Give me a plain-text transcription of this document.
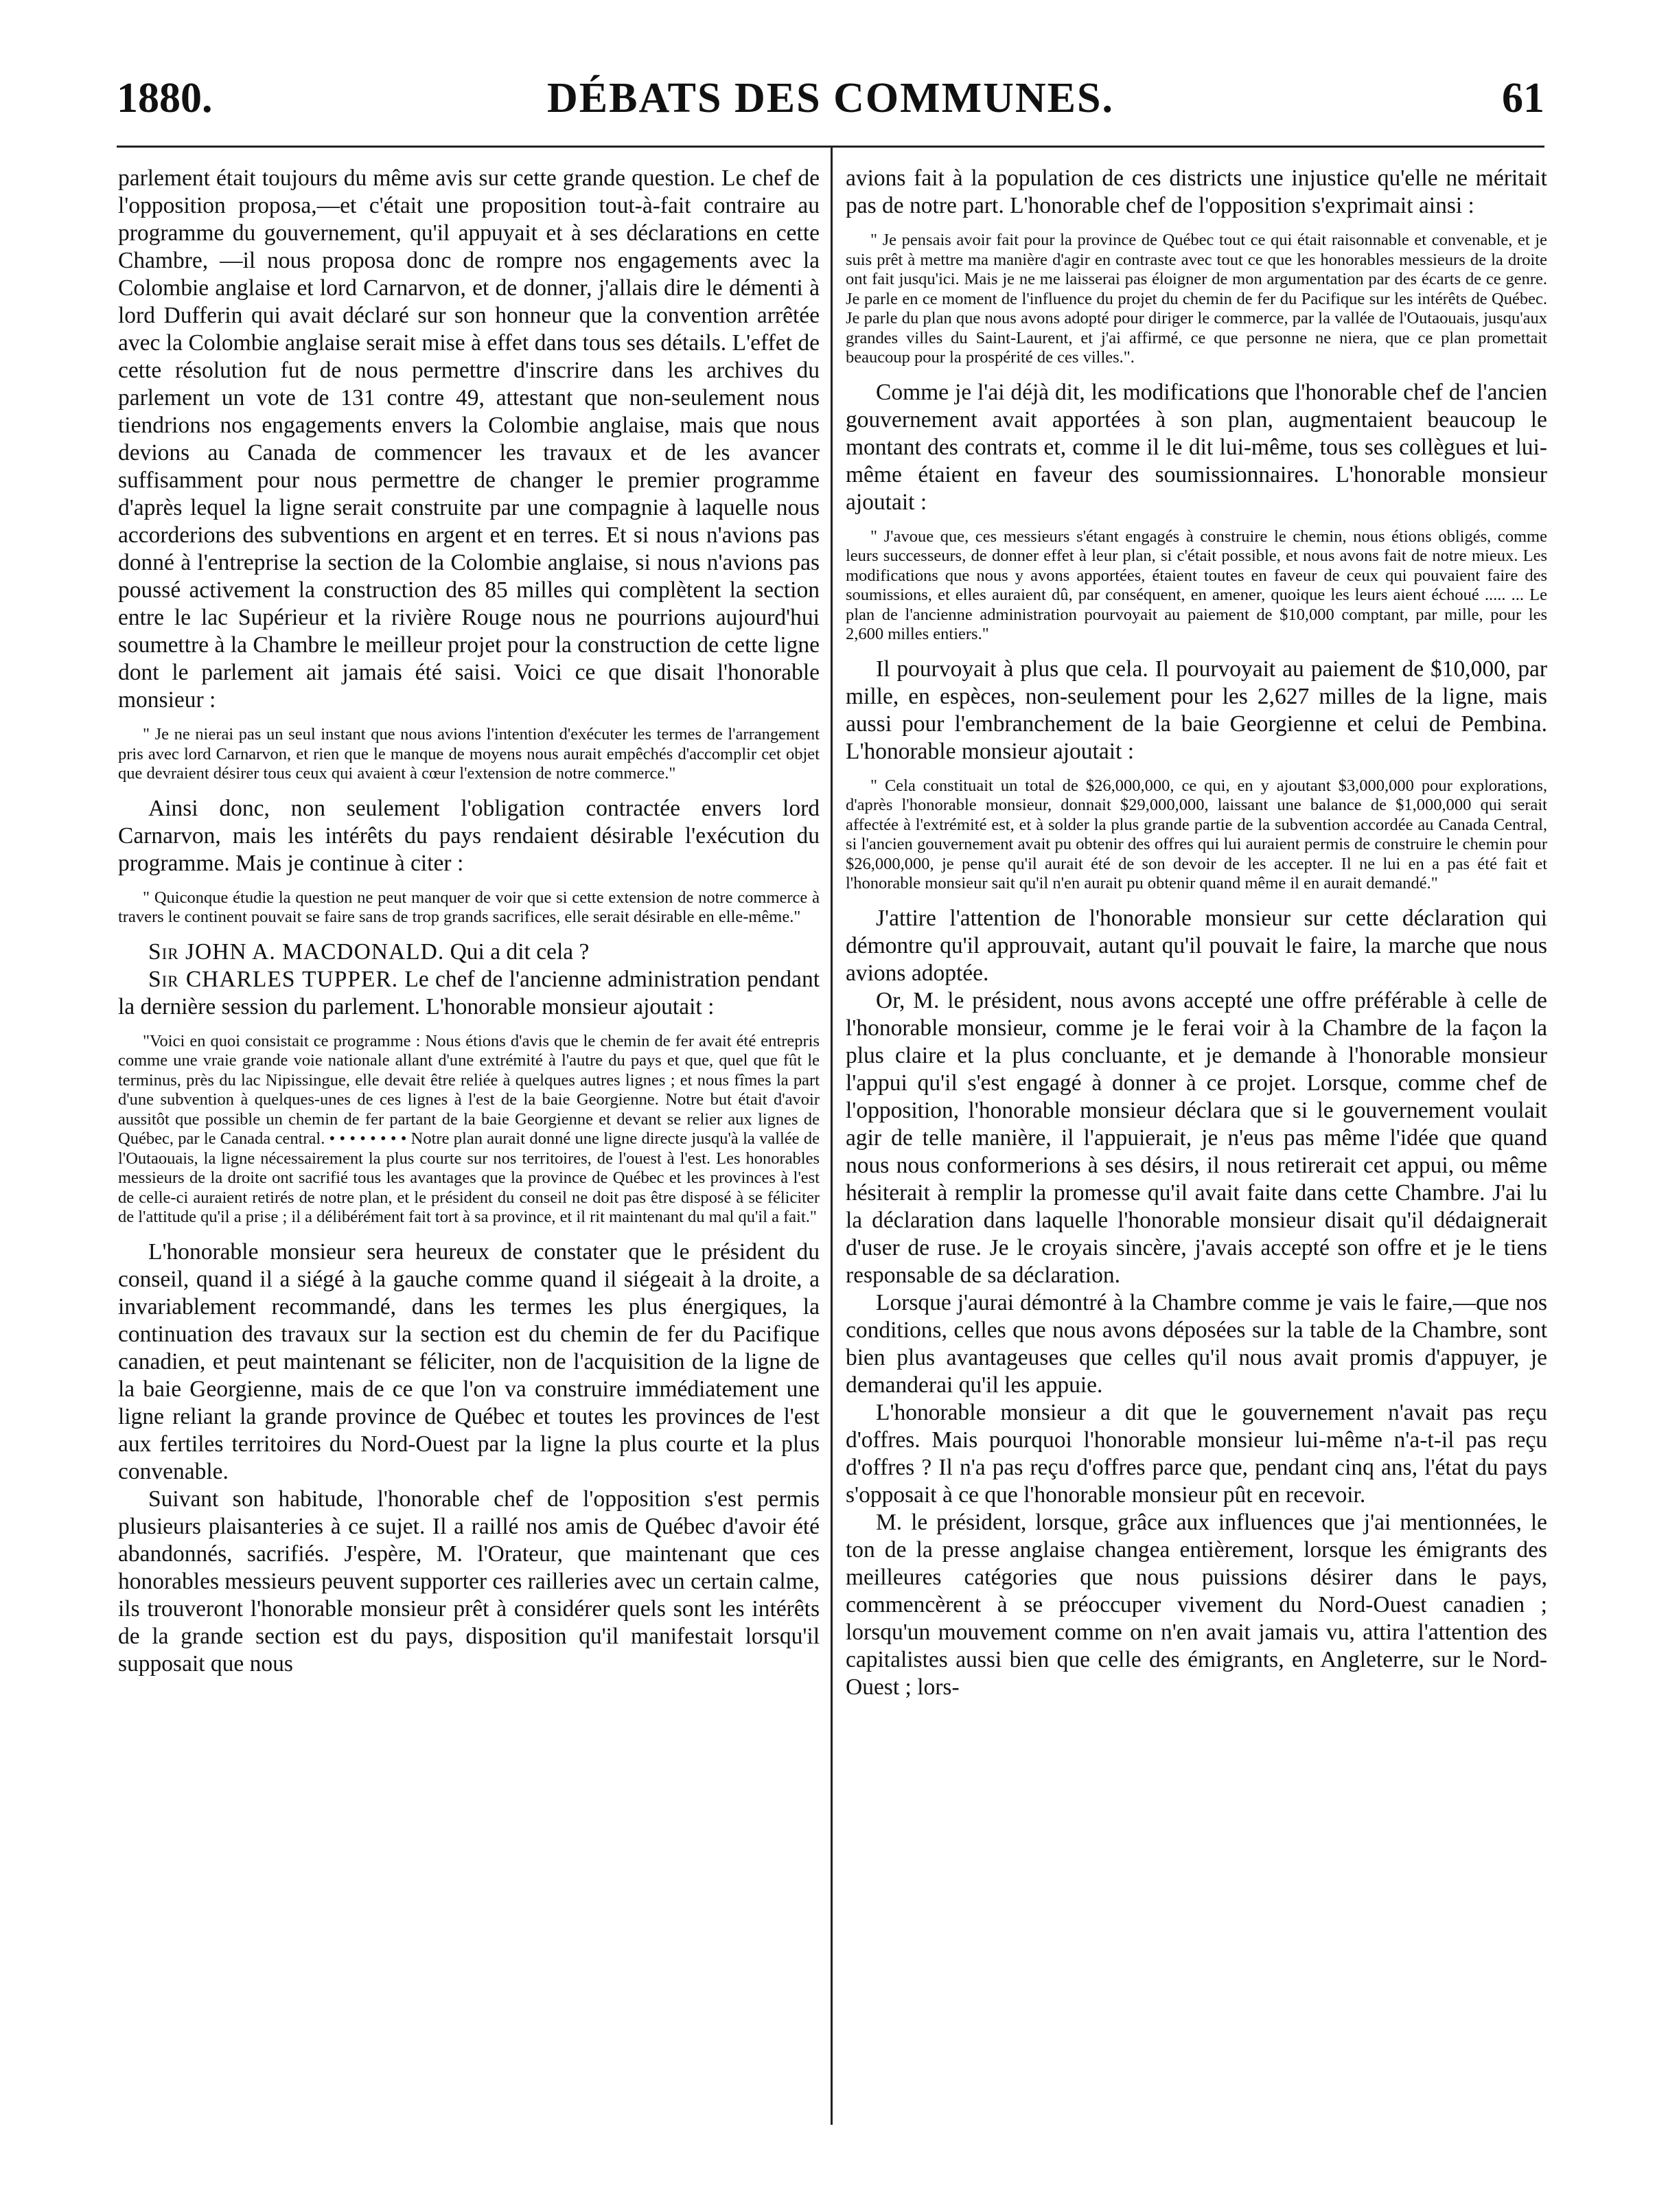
1880.	DÉBATS DES COMMUNES.	61

parlement était toujours du même avis sur cette grande question. Le chef de l'opposition proposa,—et c'était une proposition tout-à-fait contraire au programme du gouvernement, qu'il appuyait et à ses déclarations en cette Chambre, —il nous proposa donc de rompre nos engagements avec la Colombie anglaise et lord Carnarvon, et de donner, j'allais dire le démenti à lord Dufferin qui avait déclaré sur son honneur que la convention arrêtée avec la Colombie anglaise serait mise à effet dans tous ses détails. L'effet de cette résolution fut de nous permettre d'inscrire dans les archives du parlement un vote de 131 contre 49, attestant que non-seulement nous tiendrions nos engagements envers la Colombie anglaise, mais que nous devions au Canada de commencer les travaux et de les avancer suffisamment pour nous permettre de changer le premier programme d'après lequel la ligne serait construite par une compagnie à laquelle nous accorderions des subventions en argent et en terres. Et si nous n'avions pas donné à l'entreprise la section de la Colombie anglaise, si nous n'avions pas poussé activement la construction des 85 milles qui complètent la section entre le lac Supérieur et la rivière Rouge nous ne pourrions aujourd'hui soumettre à la Chambre le meilleur projet pour la construction de cette ligne dont le parlement ait jamais été saisi. Voici ce que disait l'honorable monsieur :

" Je ne nierai pas un seul instant que nous avions l'intention d'exécuter les termes de l'arrangement pris avec lord Carnarvon, et rien que le manque de moyens nous aurait empêchés d'accomplir cet objet que devraient désirer tous ceux qui avaient à cœur l'extension de notre commerce."

Ainsi donc, non seulement l'obligation contractée envers lord Carnarvon, mais les intérêts du pays rendaient désirable l'exécution du programme. Mais je continue à citer :

" Quiconque étudie la question ne peut manquer de voir que si cette extension de notre commerce à travers le continent pouvait se faire sans de trop grands sacrifices, elle serait désirable en elle-même."

Sir JOHN A. MACDONALD. Qui a dit cela ?

Sir CHARLES TUPPER. Le chef de l'ancienne administration pendant la dernière session du parlement. L'honorable monsieur ajoutait :

"Voici en quoi consistait ce programme : Nous étions d'avis que le chemin de fer avait été entrepris comme une vraie grande voie nationale allant d'une extrémité à l'autre du pays et que, quel que fût le terminus, près du lac Nipissingue, elle devait être reliée à quelques autres lignes ; et nous fîmes la part d'une subvention à quelques-unes de ces lignes à l'est de la baie Georgienne. Notre but était d'avoir aussitôt que possible un chemin de fer partant de la baie Georgienne et devant se relier aux lignes de Québec, par le Canada central. • • • • • • • • Notre plan aurait donné une ligne directe jusqu'à la vallée de l'Outaouais, la ligne nécessairement la plus courte sur nos territoires, de l'ouest à l'est. Les honorables messieurs de la droite ont sacrifié tous les avantages que la province de Québec et les provinces à l'est de celle-ci auraient retirés de notre plan, et le président du conseil ne doit pas être disposé à se féliciter de l'attitude qu'il a prise ; il a délibérément fait tort à sa province, et il rit maintenant du mal qu'il a fait."

L'honorable monsieur sera heureux de constater que le président du conseil, quand il a siégé à la gauche comme quand il siégeait à la droite, a invariablement recommandé, dans les termes les plus énergiques, la continuation des travaux sur la section est du chemin de fer du Pacifique canadien, et peut maintenant se féliciter, non de l'acquisition de la ligne de la baie Georgienne, mais de ce que l'on va construire immédiatement une ligne reliant la grande province de Québec et toutes les provinces de l'est aux fertiles territoires du Nord-Ouest par la ligne la plus courte et la plus convenable.

Suivant son habitude, l'honorable chef de l'opposition s'est permis plusieurs plaisanteries à ce sujet. Il a raillé nos amis de Québec d'avoir été abandonnés, sacrifiés. J'espère, M. l'Orateur, que maintenant que ces honorables messieurs peuvent supporter ces railleries avec un certain calme, ils trouveront l'honorable monsieur prêt à considérer quels sont les intérêts de la grande section est du pays, disposition qu'il manifestait lorsqu'il supposait que nous

avions fait à la population de ces districts une injustice qu'elle ne méritait pas de notre part. L'honorable chef de l'opposition s'exprimait ainsi :

" Je pensais avoir fait pour la province de Québec tout ce qui était raisonnable et convenable, et je suis prêt à mettre ma manière d'agir en contraste avec tout ce que les honorables messieurs de la droite ont fait jusqu'ici. Mais je ne me laisserai pas éloigner de mon argumentation par des écarts de ce genre. Je parle en ce moment de l'influence du projet du chemin de fer du Pacifique sur les intérêts de Québec. Je parle du plan que nous avons adopté pour diriger le commerce, par la vallée de l'Outaouais, jusqu'aux grandes villes du Saint-Laurent, et j'ai affirmé, ce que personne ne niera, que ce plan promettait beaucoup pour la prospérité de ces villes.".

Comme je l'ai déjà dit, les modifications que l'honorable chef de l'ancien gouvernement avait apportées à son plan, augmentaient beaucoup le montant des contrats et, comme il le dit lui-même, tous ses collègues et lui-même étaient en faveur des soumissionnaires. L'honorable monsieur ajoutait :

" J'avoue que, ces messieurs s'étant engagés à construire le chemin, nous étions obligés, comme leurs successeurs, de donner effet à leur plan, si c'était possible, et nous avons fait de notre mieux. Les modifications que nous y avons apportées, étaient toutes en faveur de ceux qui pouvaient faire des soumissions, et elles auraient dû, par conséquent, en amener, quoique les leurs aient échoué ..... ... Le plan de l'ancienne administration pourvoyait au paiement de $10,000 comptant, par mille, pour les 2,600 milles entiers."

Il pourvoyait à plus que cela. Il pourvoyait au paiement de $10,000, par mille, en espèces, non-seulement pour les 2,627 milles de la ligne, mais aussi pour l'embranchement de la baie Georgienne et celui de Pembina. L'honorable monsieur ajoutait :

" Cela constituait un total de $26,000,000, ce qui, en y ajoutant $3,000,000 pour explorations, d'après l'honorable monsieur, donnait $29,000,000, laissant une balance de $1,000,000 qui serait affectée à l'extrémité est, et à solder la plus grande partie de la subvention accordée au Canada Central, si l'ancien gouvernement avait pu obtenir des offres qui lui auraient permis de construire le chemin pour $26,000,000, je pense qu'il aurait été de son devoir de les accepter. Il ne lui en a pas été fait et l'honorable monsieur sait qu'il n'en aurait pu obtenir quand même il en aurait demandé."

J'attire l'attention de l'honorable monsieur sur cette déclaration qui démontre qu'il approuvait, autant qu'il pouvait le faire, la marche que nous avions adoptée.

Or, M. le président, nous avons accepté une offre préférable à celle de l'honorable monsieur, comme je le ferai voir à la Chambre de la façon la plus claire et la plus concluante, et je demande à l'honorable monsieur l'appui qu'il s'est engagé à donner à ce projet. Lorsque, comme chef de l'opposition, l'honorable monsieur déclara que si le gouvernement voulait agir de telle manière, il l'appuierait, je n'eus pas même l'idée que quand nous nous conformerions à ses désirs, il nous retirerait cet appui, ou même hésiterait à remplir la promesse qu'il avait faite dans cette Chambre. J'ai lu la déclaration dans laquelle l'honorable monsieur disait qu'il dédaignerait d'user de ruse. Je le croyais sincère, j'avais accepté son offre et je le tiens responsable de sa déclaration.

Lorsque j'aurai démontré à la Chambre comme je vais le faire,—que nos conditions, celles que nous avons déposées sur la table de la Chambre, sont bien plus avantageuses que celles qu'il nous avait promis d'appuyer, je demanderai qu'il les appuie.

L'honorable monsieur a dit que le gouvernement n'avait pas reçu d'offres. Mais pourquoi l'honorable monsieur lui-même n'a-t-il pas reçu d'offres ? Il n'a pas reçu d'offres parce que, pendant cinq ans, l'état du pays s'opposait à ce que l'honorable monsieur pût en recevoir.

M. le président, lorsque, grâce aux influences que j'ai mentionnées, le ton de la presse anglaise changea entièrement, lorsque les émigrants des meilleures catégories que nous puissions désirer dans le pays, commencèrent à se préoccuper vivement du Nord-Ouest canadien ; lorsqu'un mouvement comme on n'en avait jamais vu, attira l'attention des capitalistes aussi bien que celle des émigrants, en Angleterre, sur le Nord-Ouest ; lors-
